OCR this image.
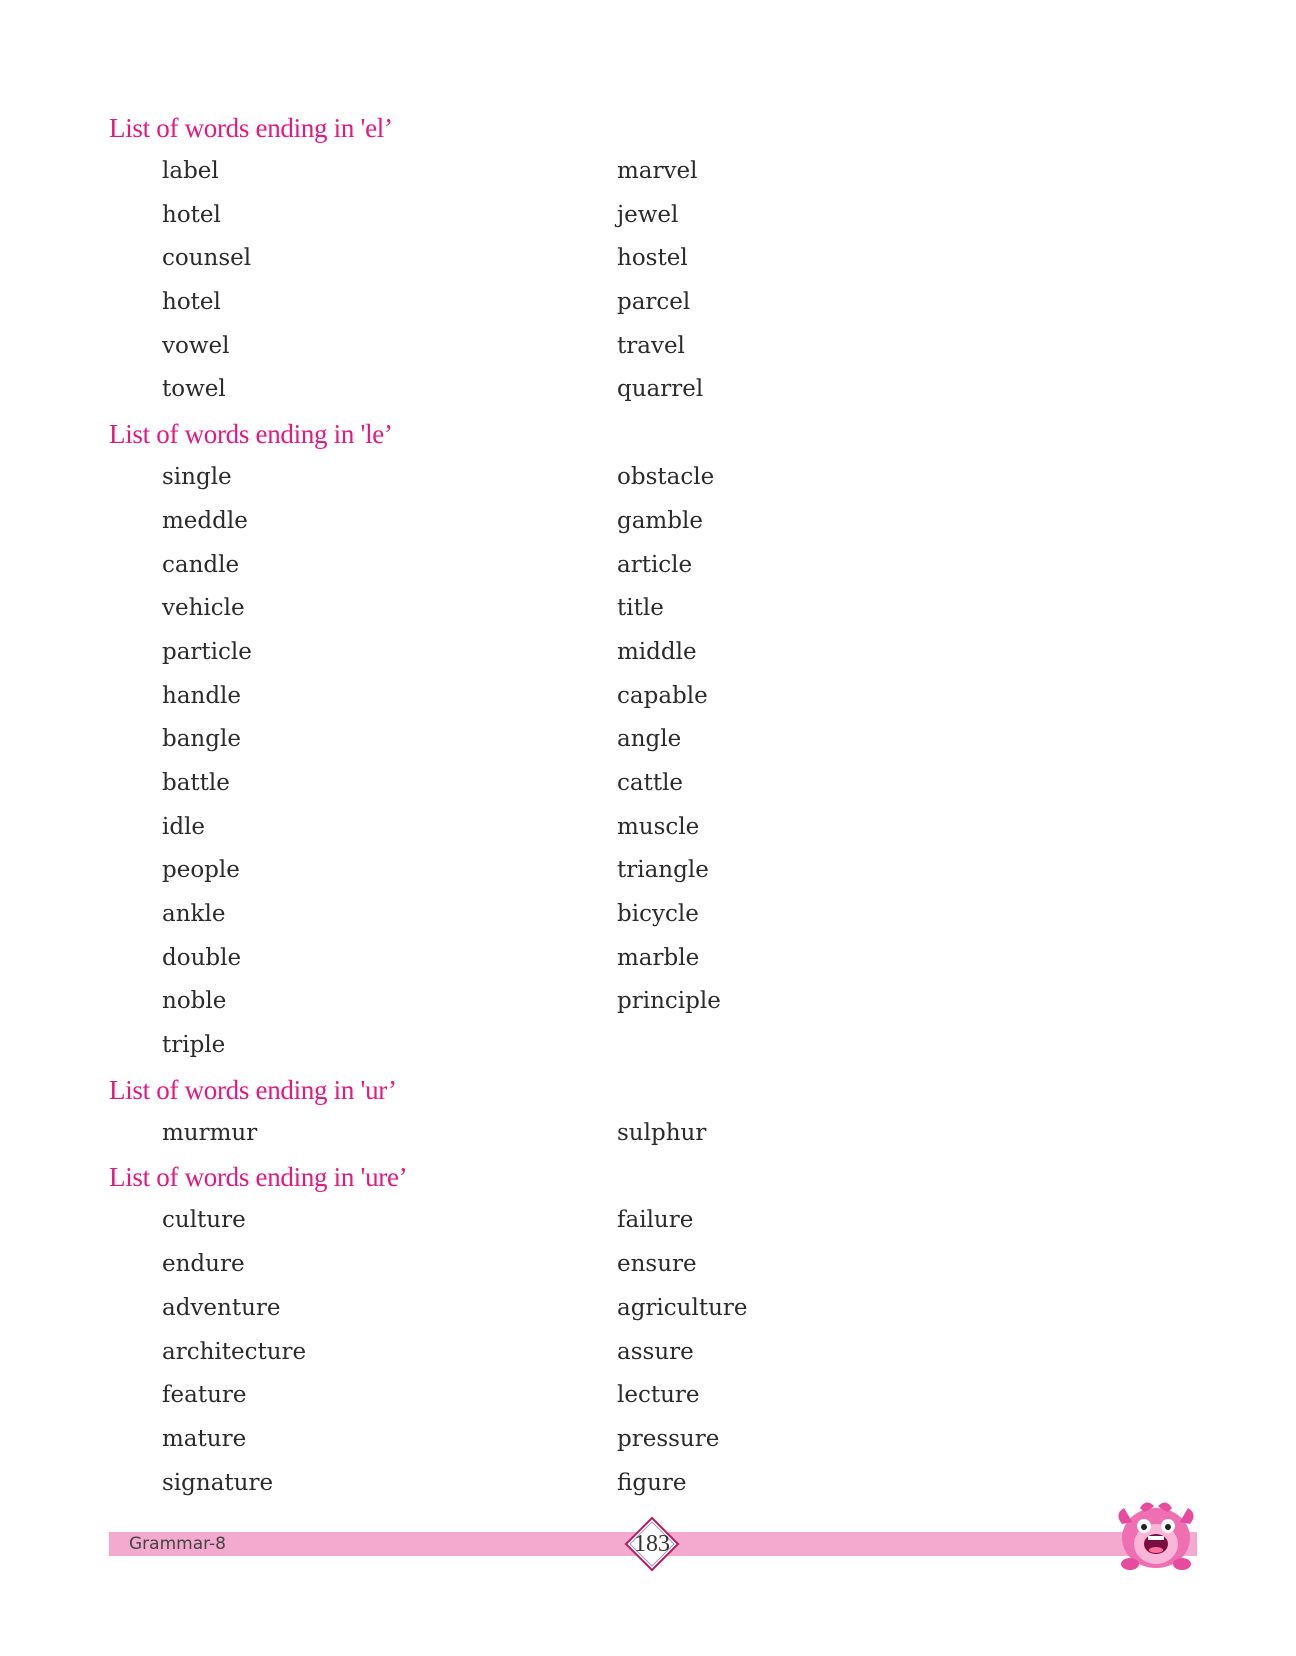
List of words ending in 'el’
label	marvel
hotel	jewel
counsel	hostel
hotel	parcel
vowel	travel
towel	quarrel
List of words ending in 'le’
single	obstacle
meddle	gamble
candle	article
vehicle	title
particle	middle
handle	capable
bangle	angle
battle	cattle
idle	muscle
people	triangle
ankle	bicycle
double	marble
noble	principle
triple
List of words ending in 'ur’
murmur	sulphur
List of words ending in 'ure’
culture	failure
endure	ensure
adventure	agriculture
architecture	assure
feature	lecture
mature	pressure
signature	figure
Grammar-8	183
